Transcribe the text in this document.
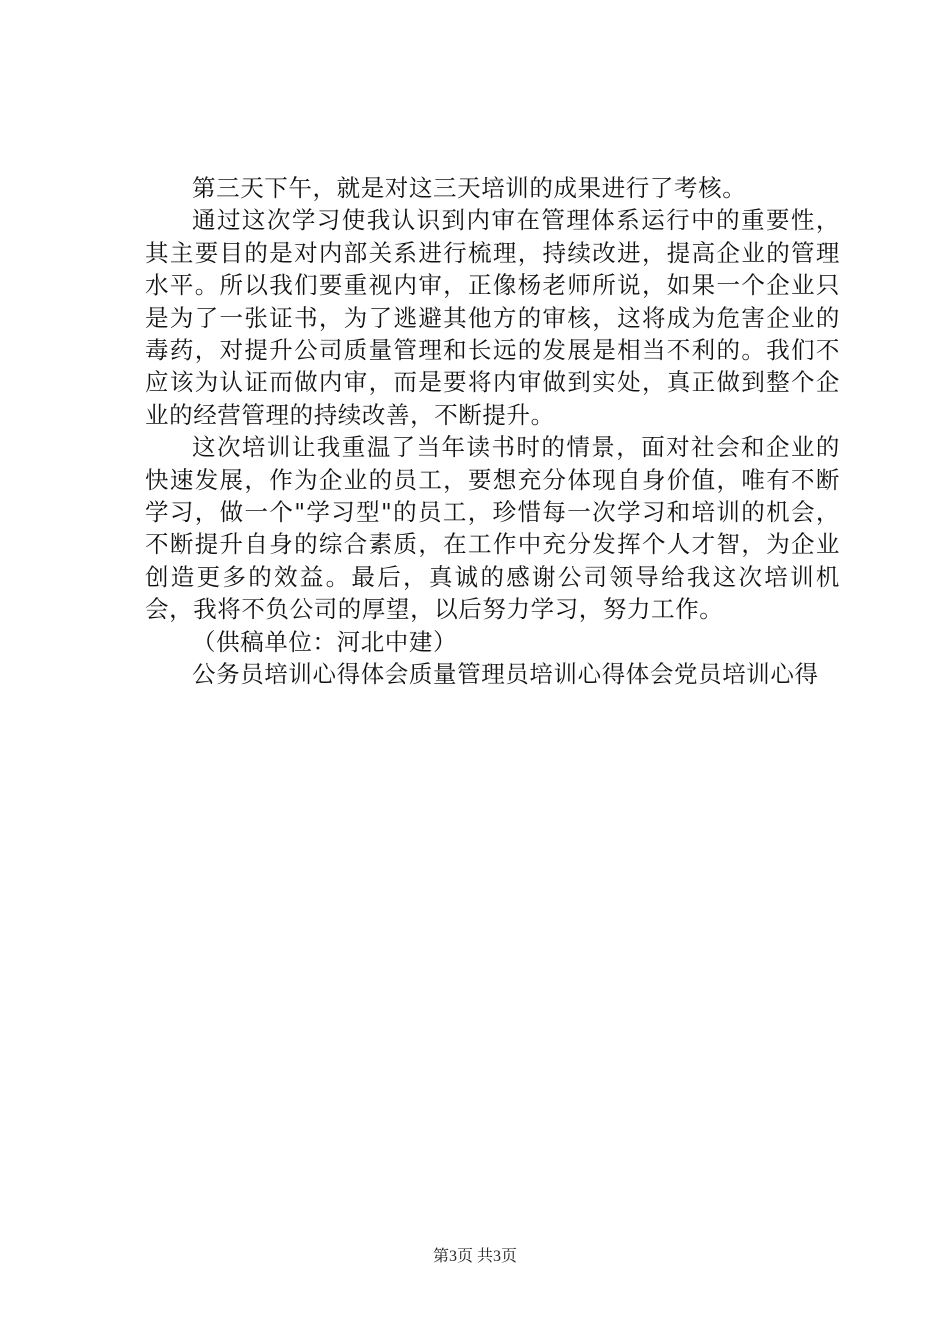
第三天下午，就是对这三天培训的成果进行了考核。

通过这次学习使我认识到内审在管理体系运行中的重要性，其主要目的是对内部关系进行梳理，持续改进，提高企业的管理水平。所以我们要重视内审，正像杨老师所说，如果一个企业只是为了一张证书，为了逃避其他方的审核，这将成为危害企业的毒药，对提升公司质量管理和长远的发展是相当不利的。我们不应该为认证而做内审，而是要将内审做到实处，真正做到整个企业的经营管理的持续改善，不断提升。

这次培训让我重温了当年读书时的情景，面对社会和企业的快速发展，作为企业的员工，要想充分体现自身价值，唯有不断学习，做一个"学习型"的员工，珍惜每一次学习和培训的机会，不断提升自身的综合素质，在工作中充分发挥个人才智，为企业创造更多的效益。最后，真诚的感谢公司领导给我这次培训机会，我将不负公司的厚望，以后努力学习，努力工作。

（供稿单位：河北中建）

公务员培训心得体会质量管理员培训心得体会党员培训心得

第3页 共3页
